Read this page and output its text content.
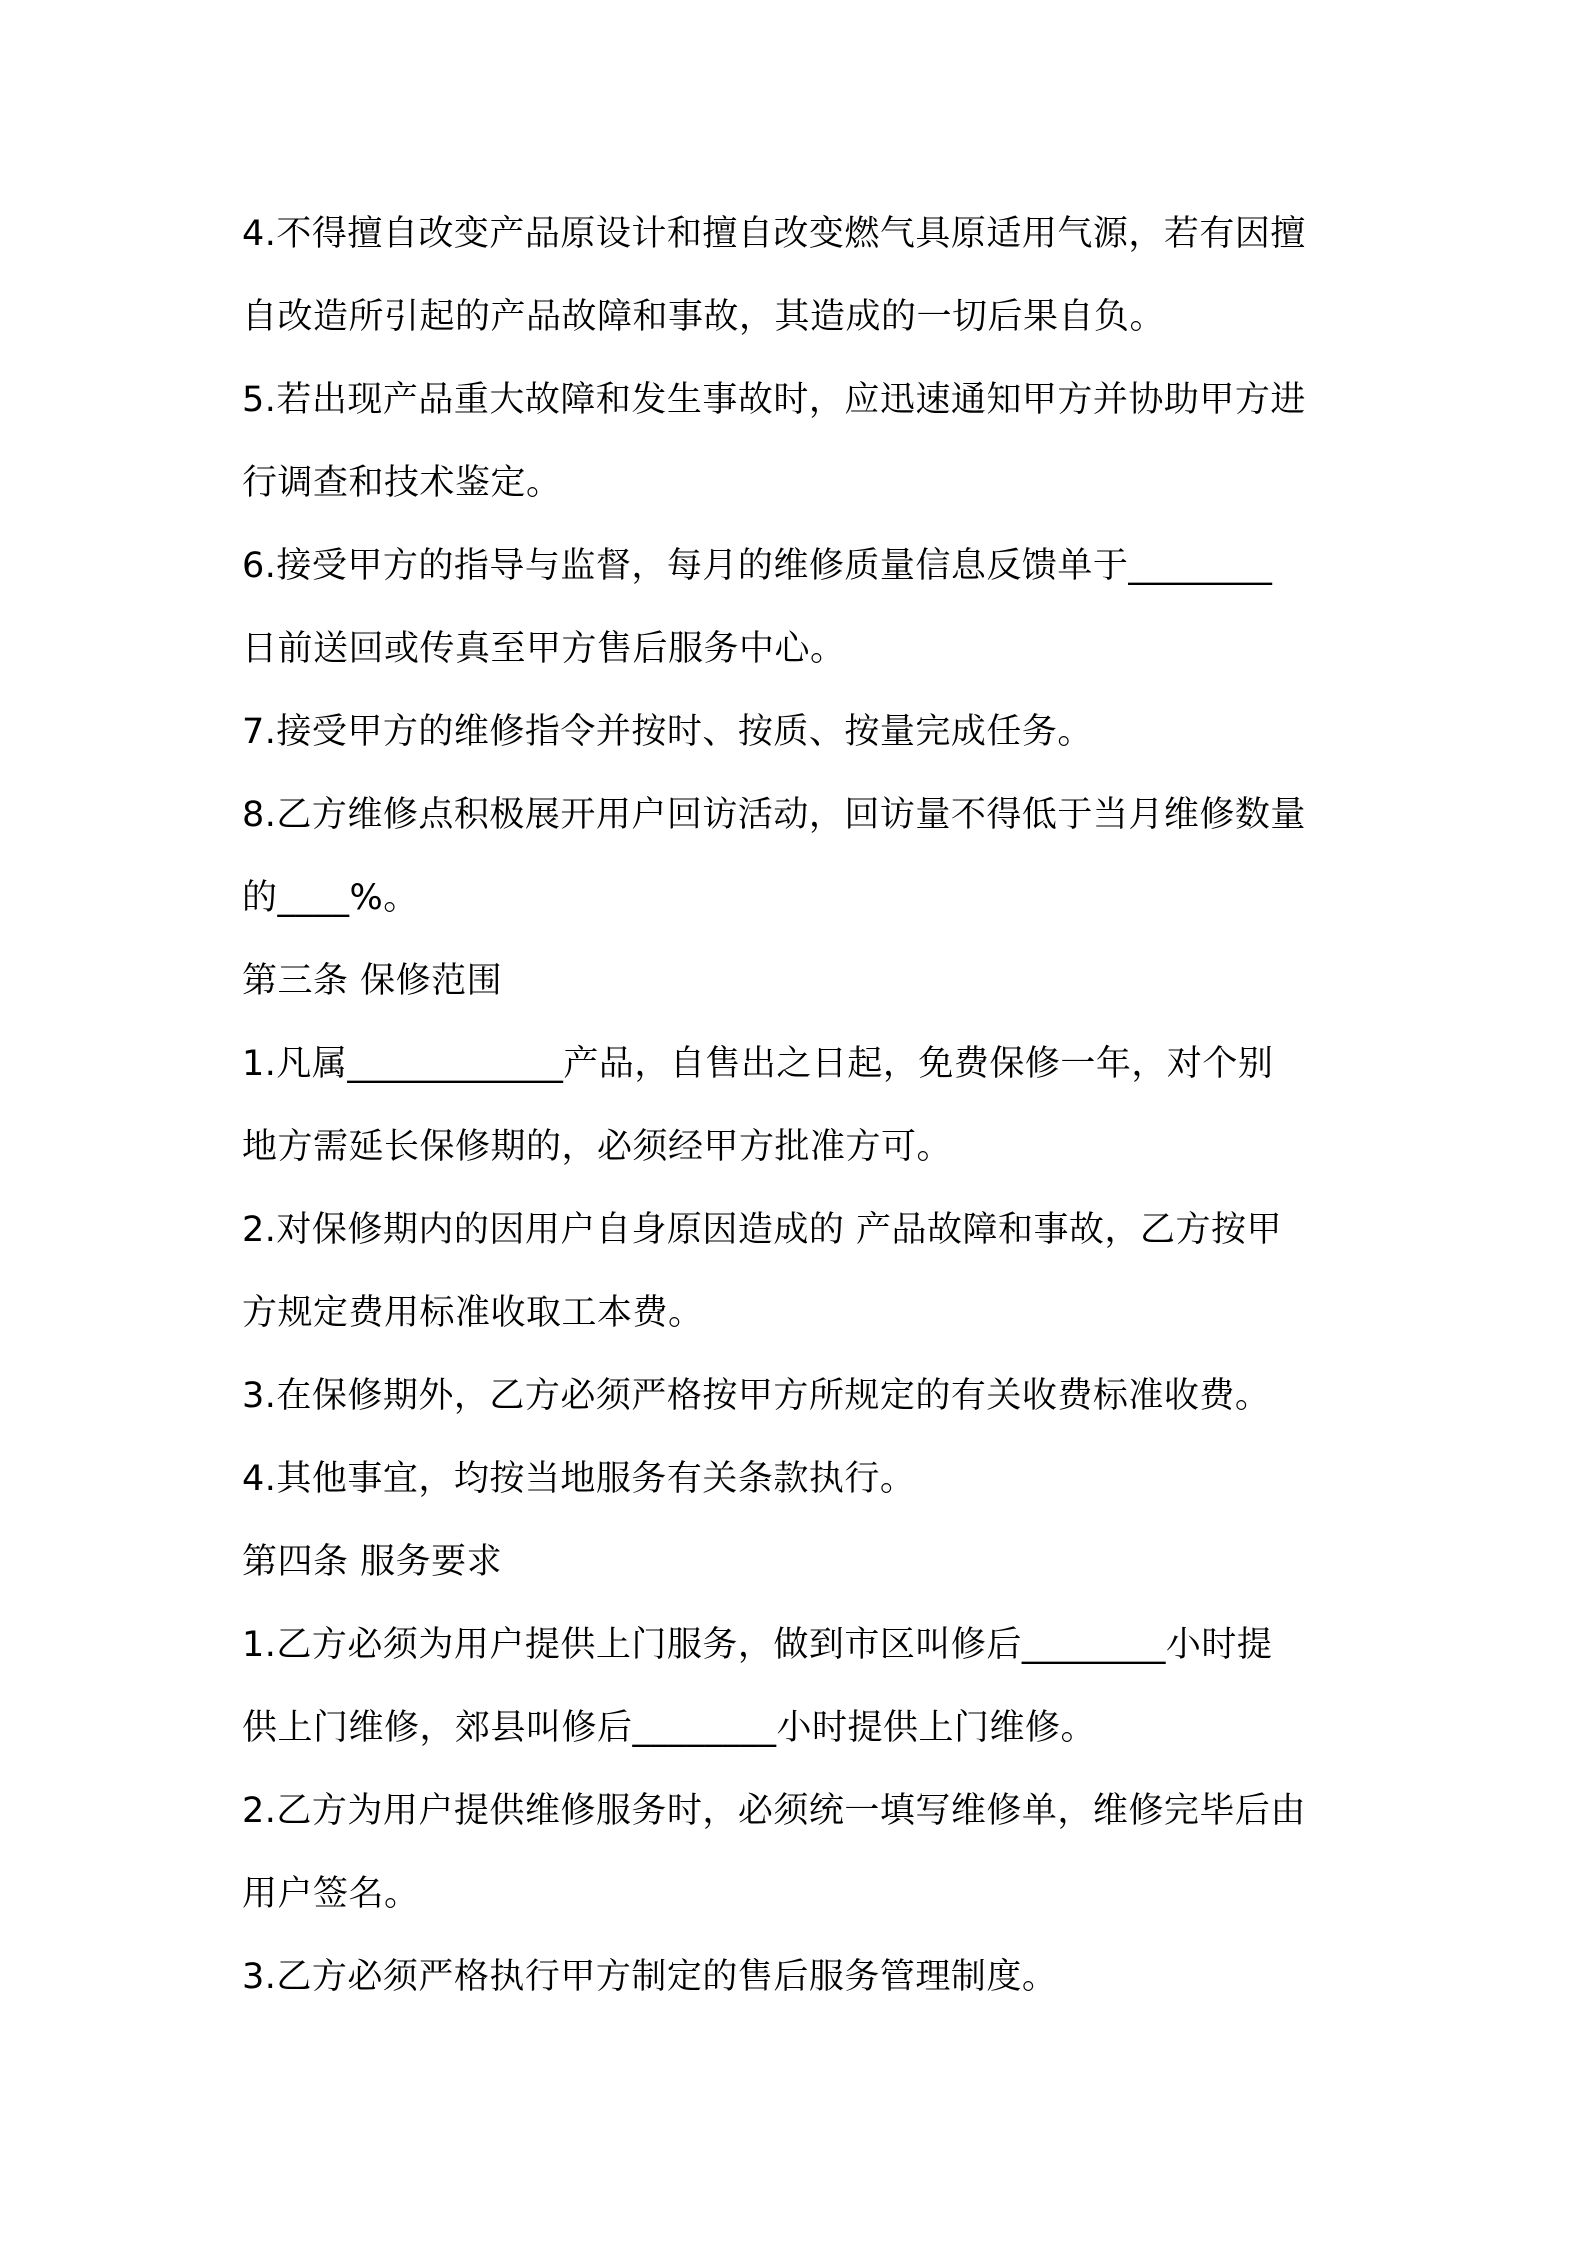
4.不得擅自改变产品原设计和擅自改变燃气具原适用气源，若有因擅
自改造所引起的产品故障和事故，其造成的一切后果自负。
5.若出现产品重大故障和发生事故时，应迅速通知甲方并协助甲方进
行调查和技术鉴定。
6.接受甲方的指导与监督，每月的维修质量信息反馈单于________
日前送回或传真至甲方售后服务中心。
7.接受甲方的维修指令并按时、按质、按量完成任务。
8.乙方维修点积极展开用户回访活动，回访量不得低于当月维修数量
的____%。
第三条 保修范围
1.凡属____________产品，自售出之日起，免费保修一年，对个别
地方需延长保修期的，必须经甲方批准方可。
2.对保修期内的因用户自身原因造成的 产品故障和事故，乙方按甲
方规定费用标准收取工本费。
3.在保修期外，乙方必须严格按甲方所规定的有关收费标准收费。
4.其他事宜，均按当地服务有关条款执行。
第四条 服务要求
1.乙方必须为用户提供上门服务，做到市区叫修后________小时提
供上门维修，郊县叫修后________小时提供上门维修。
2.乙方为用户提供维修服务时，必须统一填写维修单，维修完毕后由
用户签名。
3.乙方必须严格执行甲方制定的售后服务管理制度。
